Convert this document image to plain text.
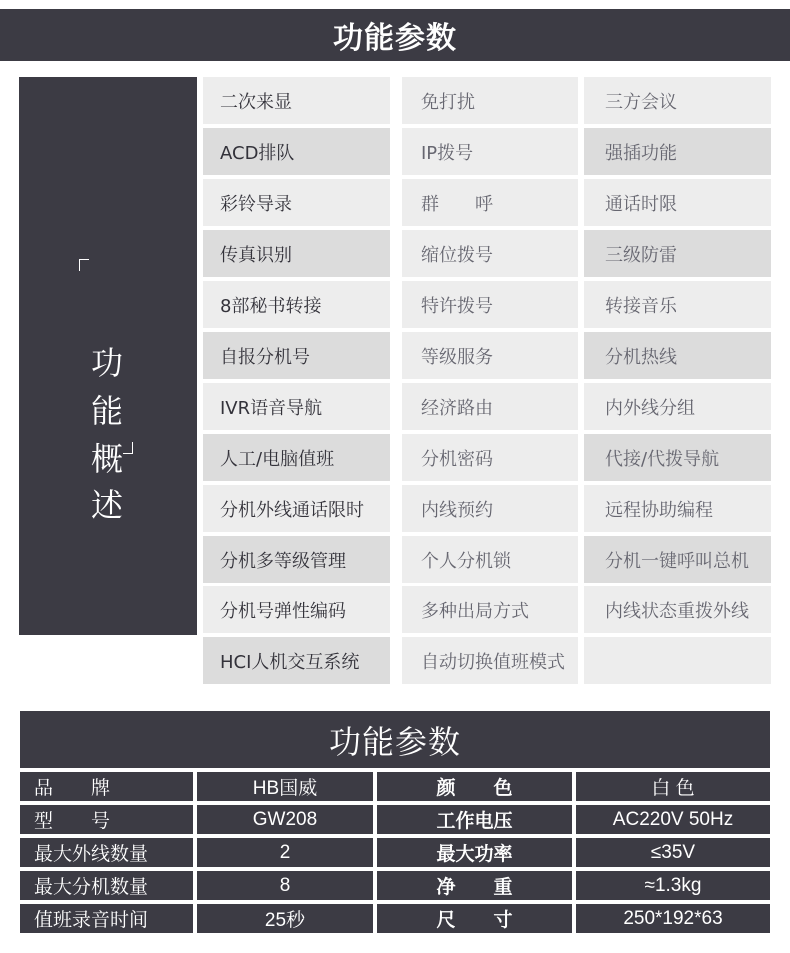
功能参数
功
能
概
述
二次来显	免打扰	三方会议
ACD排队	IP拨号	强插功能
彩铃导录	群　　呼	通话时限
传真识别	缩位拨号	三级防雷
8部秘书转接	特许拨号	转接音乐
自报分机号	等级服务	分机热线
IVR语音导航	经济路由	内外线分组
人工/电脑值班	分机密码	代接/代拨导航
分机外线通话限时	内线预约	远程协助编程
分机多等级管理	个人分机锁	分机一键呼叫总机
分机号弹性编码	多种出局方式	内线状态重拨外线
HCI人机交互系统	自动切换值班模式
功能参数
品　　牌	HB国威	颜　　色	白 色
型　　号	GW208	工作电压	AC220V 50Hz
最大外线数量	2	最大功率	≤35V
最大分机数量	8	净　　重	≈1.3kg
值班录音时间	25秒	尺　　寸	250*192*63
